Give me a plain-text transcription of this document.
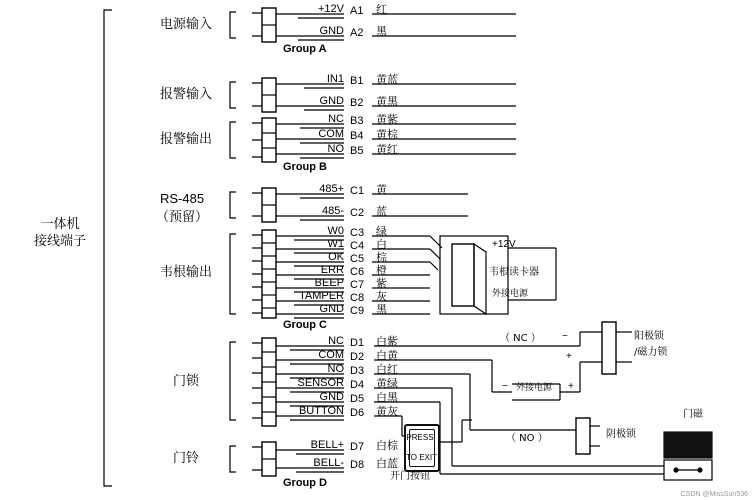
一体机
接线端子
电源输入
报警输入
报警输出
RS-485
（预留）
韦根输出
门锁
门铃
Group A
Group B
Group C
Group D
+12V A1 红
GND A2 黑
IN1 B1 黄蓝
GND B2 黄黑
NC B3 黄紫
COM B4 黄棕
NO B5 黄红
485+ C1 黄
485- C2 蓝
W0 C3 绿
W1 C4 白
OK C5 棕
ERR C6 橙
BEEP C7 紫
TAMPER C8 灰
GND C9 黑
NC D1 白紫
COM D2 白黄
NO D3 白红
SENSOR D4 黄绿
GND D5 白黑
BUTTON D6 黄灰
BELL+ D7 白棕
BELL- D8 白蓝
+12V
韦根读卡器
外接电源
（ NC ） −
+
阳极锁
/磁力锁
外接电源 +
−
（ NO ）	阴极锁
门磁
PRESS
TO EXIT
开门按钮
CSDN @MissSun536
